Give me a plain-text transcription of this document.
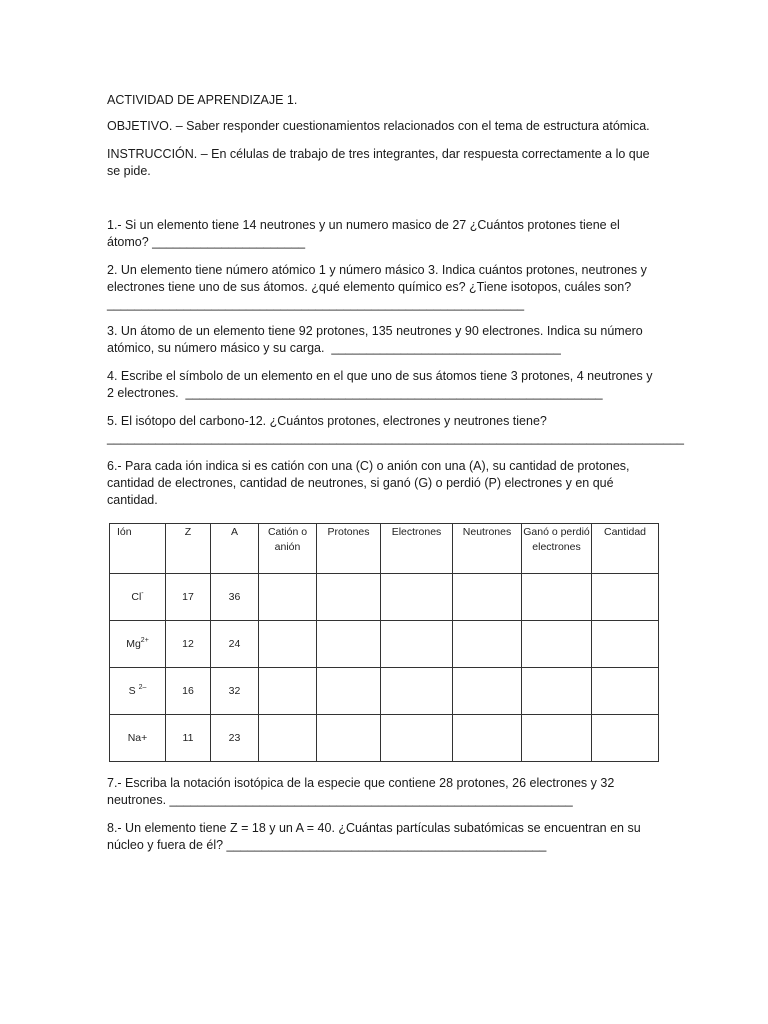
ACTIVIDAD DE APRENDIZAJE 1.

OBJETIVO. – Saber responder cuestionamientos relacionados con el tema de estructura atómica.

INSTRUCCIÓN. – En células de trabajo de tres integrantes, dar respuesta correctamente a lo que se pide.

1.- Si un elemento tiene 14 neutrones y un numero masico de 27 ¿Cuántos protones tiene el átomo? ______________________

2. Un elemento tiene número atómico 1 y número másico 3. Indica cuántos protones, neutrones y electrones tiene uno de sus átomos. ¿qué elemento químico es? ¿Tiene isotopos, cuáles son? ____________________________________________________________

3. Un átomo de un elemento tiene 92 protones, 135 neutrones y 90 electrones. Indica su número atómico, su número másico y su carga.  _________________________________

4. Escribe el símbolo de un elemento en el que uno de sus átomos tiene 3 protones, 4 neutrones y 2 electrones.  ____________________________________________________________

5. El isótopo del carbono-12. ¿Cuántos protones, electrones y neutrones tiene? ___________________________________________________________________________________

6.- Para cada ión indica si es catión con una (C) o anión con una (A), su cantidad de protones, cantidad de electrones, cantidad de neutrones, si ganó (G) o perdió (P) electrones y en qué cantidad.

Ión	Z	A	Catión o anión	Protones	Electrones	Neutrones	Ganó o perdió electrones	Cantidad
Cl-	17	36						
$Mg^{2+}$	12	24						
S $^{2-}$	16	32						
Na+	11	23						

7.- Escriba la notación isotópica de la especie que contiene 28 protones, 26 electrones y 32 neutrones. __________________________________________________________

8.- Un elemento tiene Z = 18 y un A = 40. ¿Cuántas partículas subatómicas se encuentran en su núcleo y fuera de él? ______________________________________________
